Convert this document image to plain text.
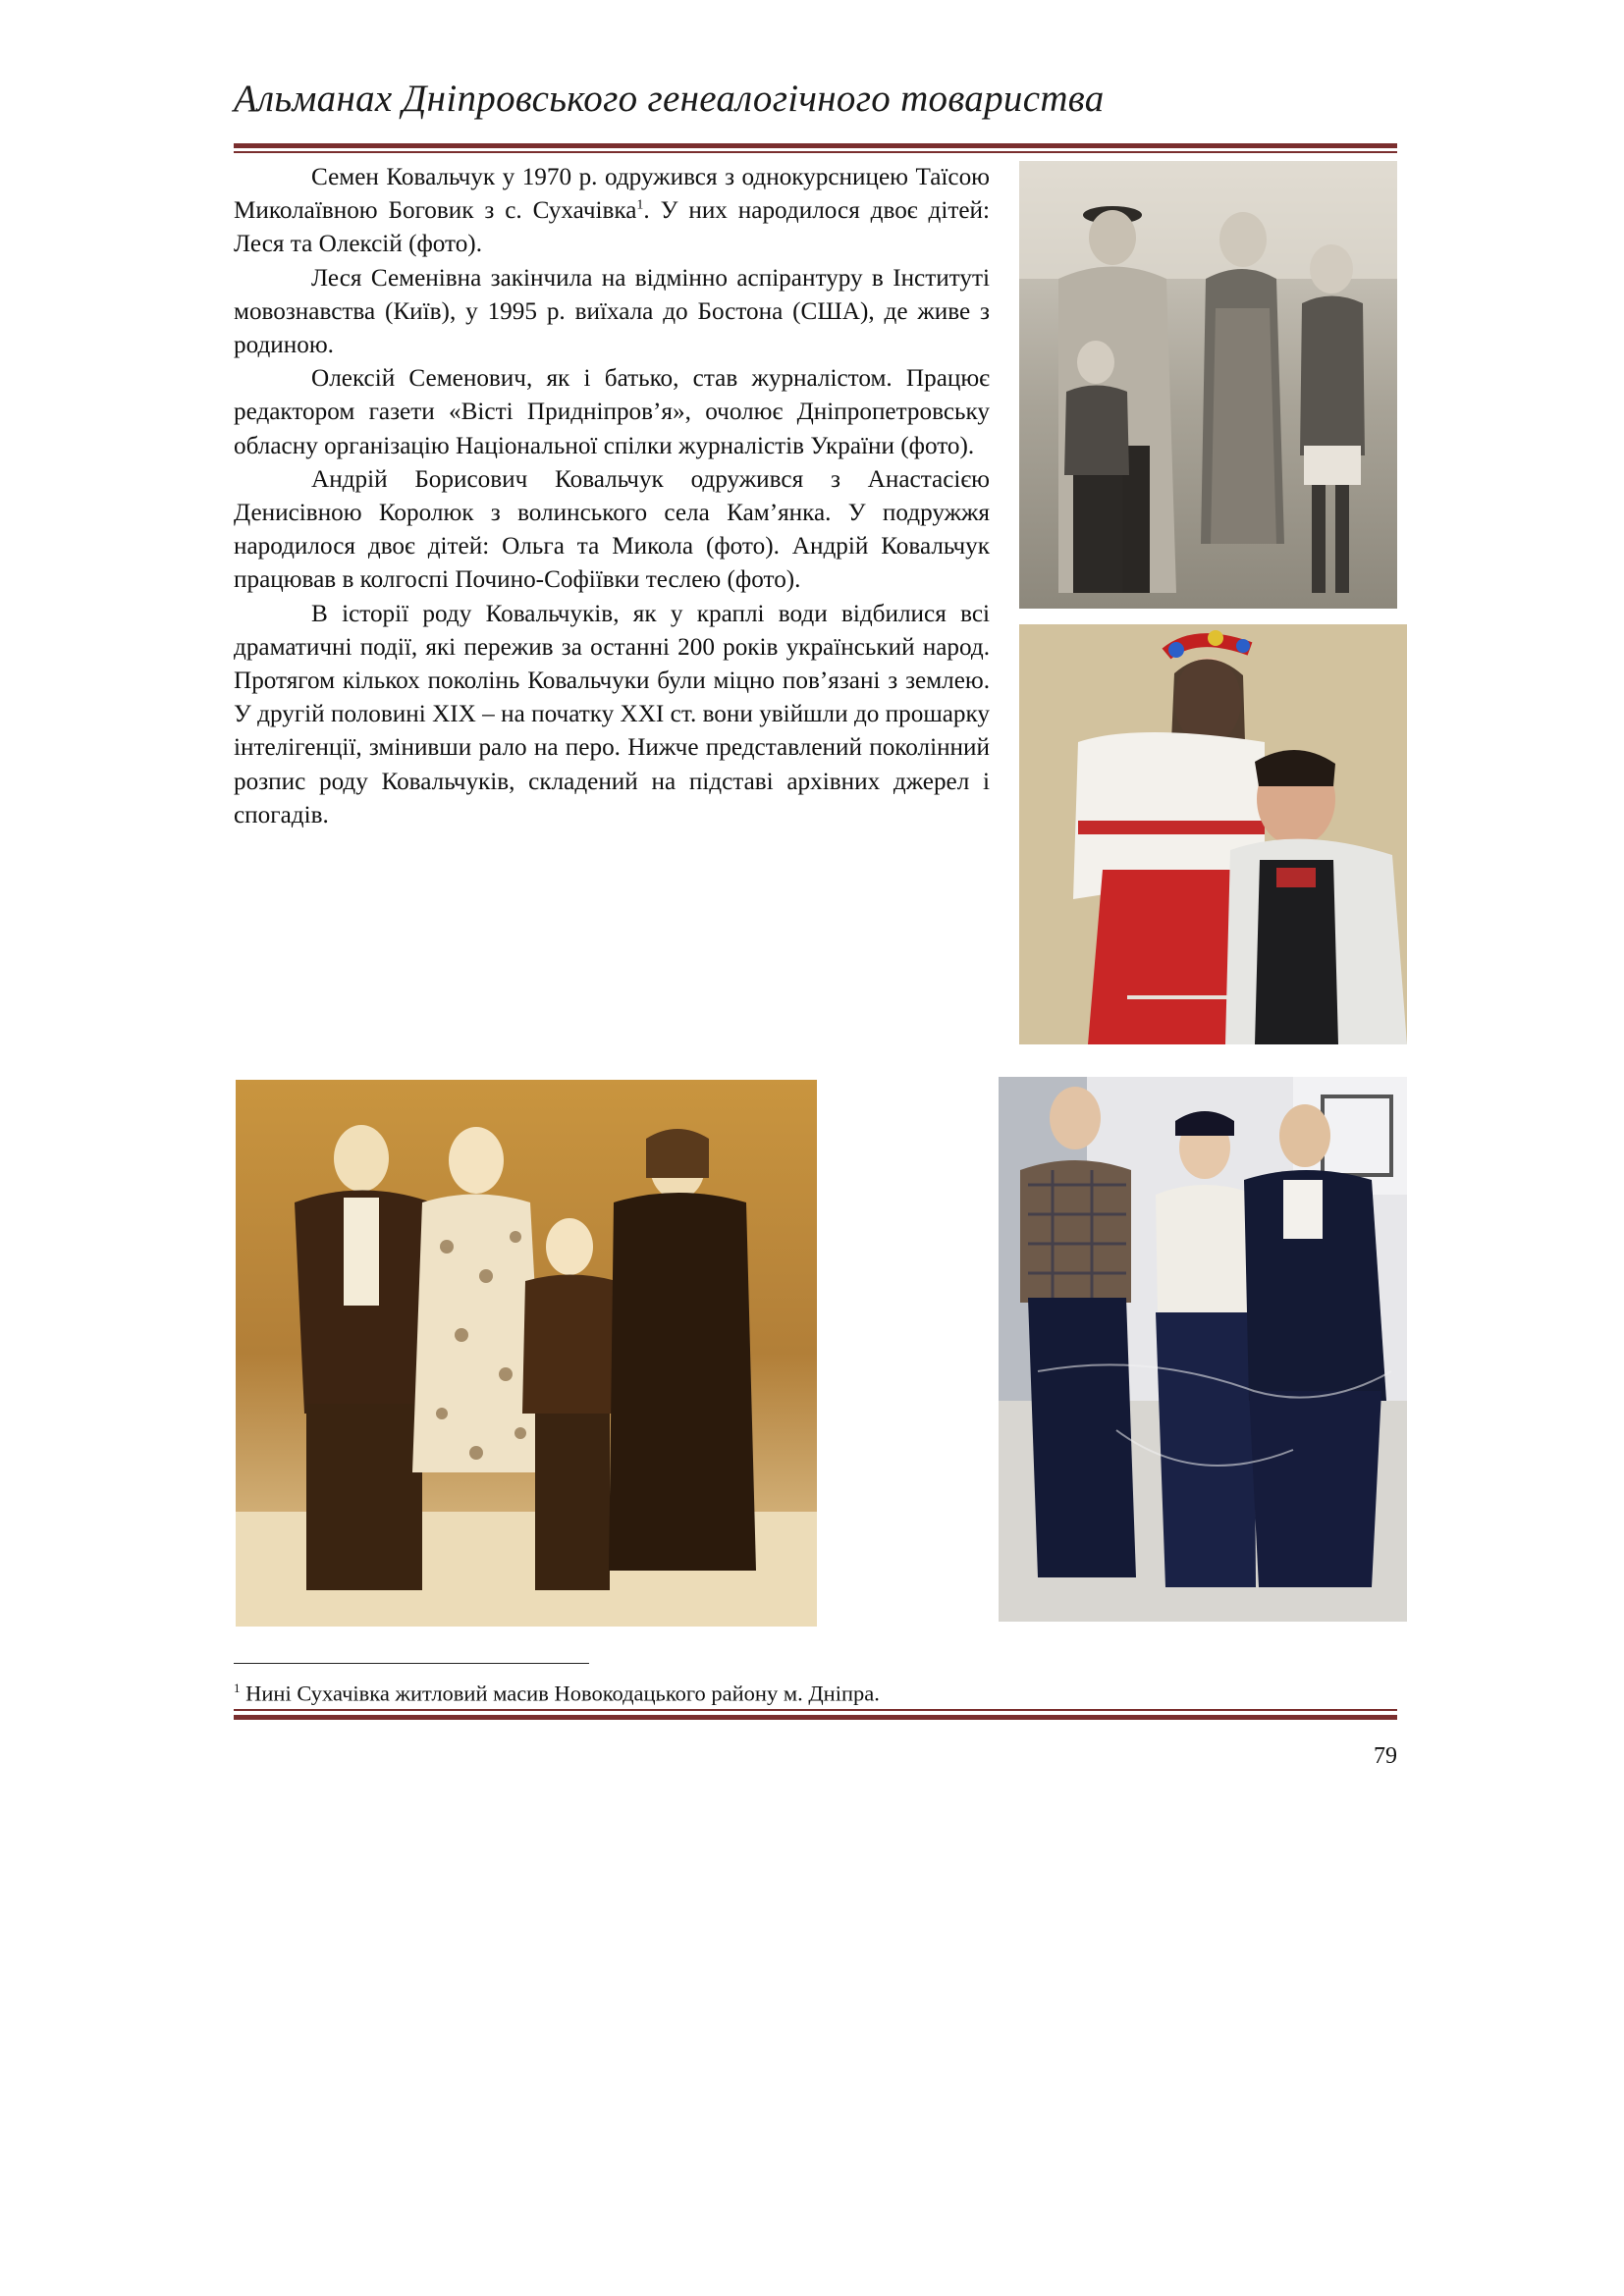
Альманах Дніпровського генеалогічного товариства

Семен Ковальчук у 1970 р. одружився з однокурсницею Таїсою Миколаївною Боговик з с. Сухачівка$^1$. У них народилося двоє дітей: Леся та Олексій (фото).

Леся Семенівна закінчила на відмінно аспірантуру в Інституті мовознавства (Київ), у 1995 р. виїхала до Бостона (США), де живе з родиною.

Олексій Семенович, як і батько, став журналістом. Працює редактором газети «Вісті Придніпров’я», очолює Дніпропетровську обласну організацію Національної спілки журналістів України (фото).

Андрій Борисович Ковальчук одружився з Анастасією Денисівною Королюк з волинського села Кам’янка. У подружжя народилося двоє дітей: Ольга та Микола (фото). Андрій Ковальчук працював в колгоспі Почино-Софіївки теслею (фото).

В історії роду Ковальчуків, як у краплі води відбилися всі драматичні події, які пережив за останні 200 років український народ. Протягом кількох поколінь Ковальчуки були міцно пов’язані з землею. У другій половині XIX – на початку XXI ст. вони увійшли до прошарку інтелігенції, змінивши рало на перо. Нижче представлений поколінний розпис роду Ковальчуків, складений на підставі архівних джерел і спогадів.

$^1$ Нині Сухачівка житловий масив Новокодацького району м. Дніпра.
79
